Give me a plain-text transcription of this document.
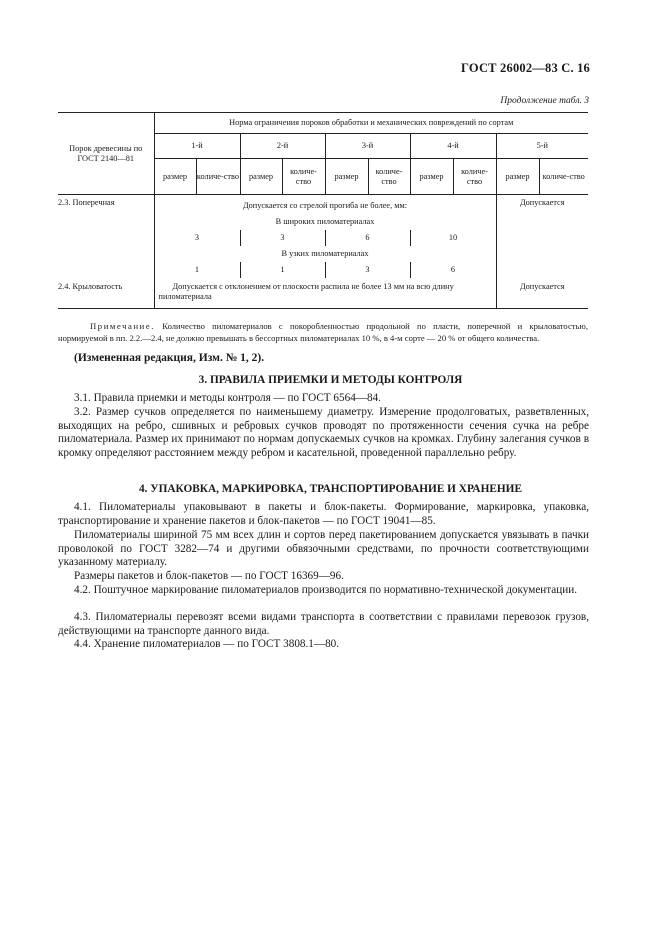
ГОСТ 26002—83 С. 16
Продолжение табл. 3
Порок древесины по ГОСТ 2140—81	Норма ограничения пороков обработки и механических повреждений по сортам									
	1-й		2-й		3-й		4-й		5-й	
	размер	количе-ство	размер	количе-ство	размер	количе-ство	размер	количе-ство	размер	количе-ство
2.3. Поперечная	Допускается со стрелой прогиба не более, мм:								Допускается	
	В широких пиломатериалах									
	3		3		6		10			
	В узких пиломатериалах									
	1		1		3		6			
2.4. Крыловатость	Допускается с отклонением от плоскости распила не более 13 мм на всю длину пиломатериала								Допускается	
Примечание. Количество пиломатериалов с покоробленностью продольной по пласти, поперечной и крыловатостью, нормируемой в пп. 2.2.—2.4, не должно превышать в бессортных пиломатериалах 10 %, в 4-м сорте — 20 % от общего количества.
(Измененная редакция, Изм. № 1, 2).
3. ПРАВИЛА ПРИЕМКИ И МЕТОДЫ КОНТРОЛЯ
3.1. Правила приемки и методы контроля — по ГОСТ 6564—84.
3.2. Размер сучков определяется по наименьшему диаметру. Измерение продолговатых, разветвленных, выходящих на ребро, сшивных и ребровых сучков проводят по протяженности сечения сучка на ребре пиломатериала. Размер их принимают по нормам допускаемых сучков на кромках. Глубину залегания сучков в кромку определяют расстоянием между ребром и касательной, проведенной параллельно ребру.
4. УПАКОВКА, МАРКИРОВКА, ТРАНСПОРТИРОВАНИЕ И ХРАНЕНИЕ
4.1. Пиломатериалы упаковывают в пакеты и блок-пакеты. Формирование, маркировка, упаковка, транспортирование и хранение пакетов и блок-пакетов — по ГОСТ 19041—85.
Пиломатериалы шириной 75 мм всех длин и сортов перед пакетированием допускается увязывать в пачки проволокой по ГОСТ 3282—74 и другими обвязочными средствами, по прочности соответствующими указанному материалу.
Размеры пакетов и блок-пакетов — по ГОСТ 16369—96.
4.2. Поштучное маркирование пиломатериалов производится по нормативно-технической документации.
4.3. Пиломатериалы перевозят всеми видами транспорта в соответствии с правилами перевозок грузов, действующими на транспорте данного вида.
4.4. Хранение пиломатериалов — по ГОСТ 3808.1—80.
